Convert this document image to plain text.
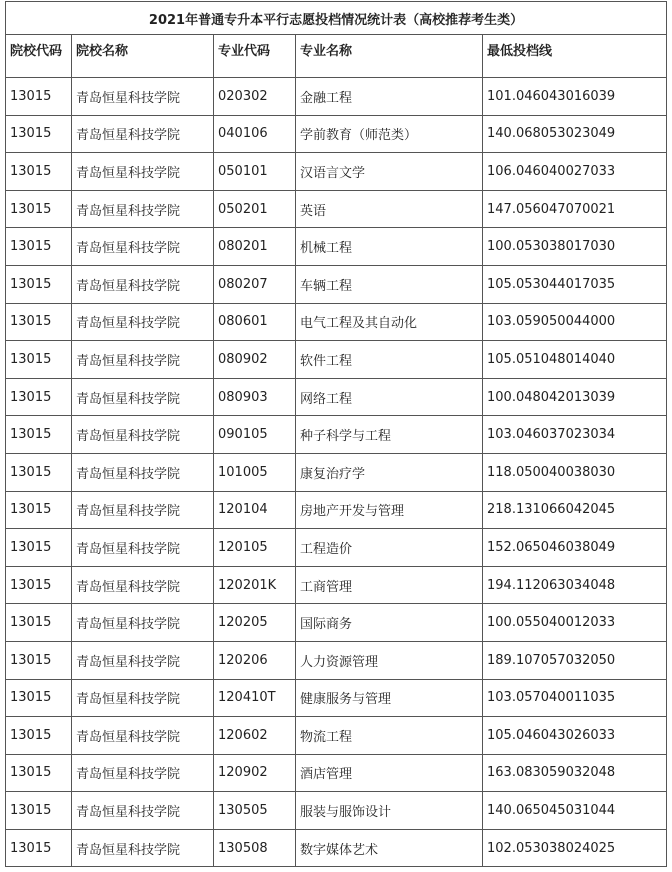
2021年普通专升本平行志愿投档情况统计表（高校推荐考生类）				
院校代码	院校名称	专业代码	专业名称	最低投档线
13015	青岛恒星科技学院	020302	金融工程	101.046043016039
13015	青岛恒星科技学院	040106	学前教育（师范类）	140.068053023049
13015	青岛恒星科技学院	050101	汉语言文学	106.046040027033
13015	青岛恒星科技学院	050201	英语	147.056047070021
13015	青岛恒星科技学院	080201	机械工程	100.053038017030
13015	青岛恒星科技学院	080207	车辆工程	105.053044017035
13015	青岛恒星科技学院	080601	电气工程及其自动化	103.059050044000
13015	青岛恒星科技学院	080902	软件工程	105.051048014040
13015	青岛恒星科技学院	080903	网络工程	100.048042013039
13015	青岛恒星科技学院	090105	种子科学与工程	103.046037023034
13015	青岛恒星科技学院	101005	康复治疗学	118.050040038030
13015	青岛恒星科技学院	120104	房地产开发与管理	218.131066042045
13015	青岛恒星科技学院	120105	工程造价	152.065046038049
13015	青岛恒星科技学院	120201K	工商管理	194.112063034048
13015	青岛恒星科技学院	120205	国际商务	100.055040012033
13015	青岛恒星科技学院	120206	人力资源管理	189.107057032050
13015	青岛恒星科技学院	120410T	健康服务与管理	103.057040011035
13015	青岛恒星科技学院	120602	物流工程	105.046043026033
13015	青岛恒星科技学院	120902	酒店管理	163.083059032048
13015	青岛恒星科技学院	130505	服装与服饰设计	140.065045031044
13015	青岛恒星科技学院	130508	数字媒体艺术	102.053038024025
